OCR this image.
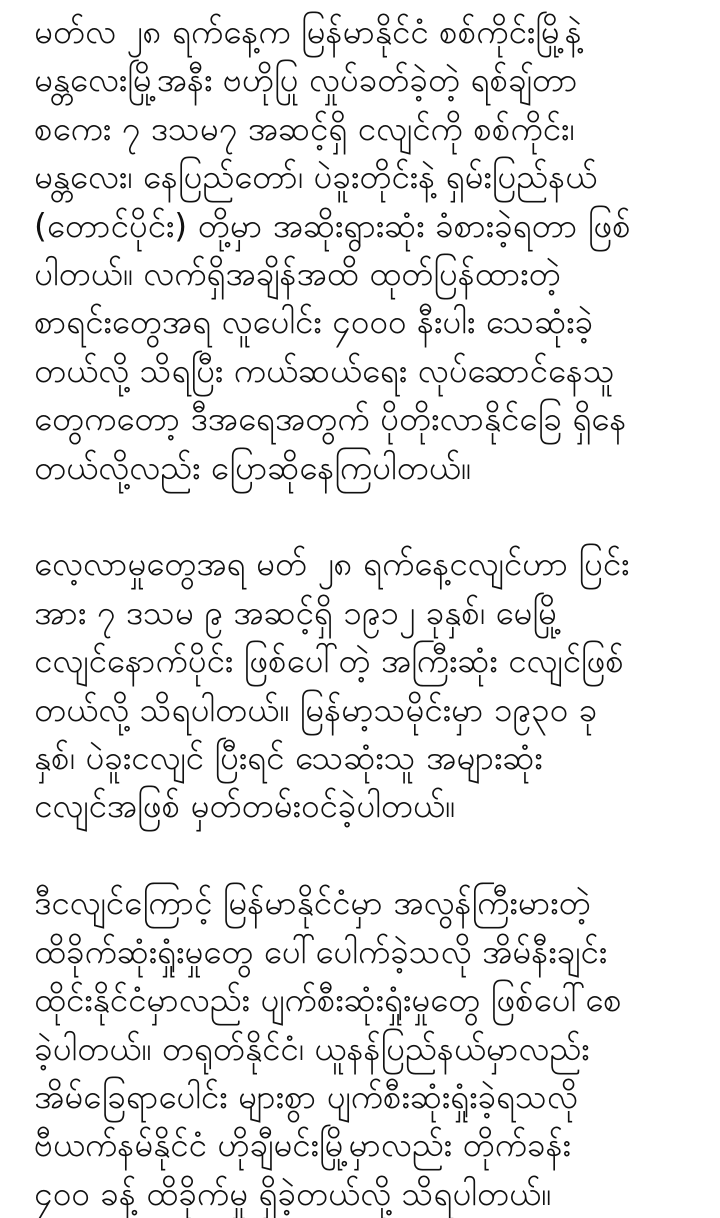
မတ်လ ၂၈ ရက်နေ့က မြန်မာနိုင်ငံ စစ်ကိုင်းမြို့နဲ့
မန္တလေးမြို့အနီး ဗဟိုပြု လှုပ်ခတ်ခဲ့တဲ့ ရစ်ချ်တာ
စကေး ၇ ဒသမ၇ အဆင့်ရှိ ငလျင်ကို စစ်ကိုင်း၊
မန္တလေး၊ နေပြည်တော်၊ ပဲခူးတိုင်းနဲ့ ရှမ်းပြည်နယ်
(တောင်ပိုင်း) တို့မှာ အဆိုးရွားဆုံး ခံစားခဲ့ရတာ ဖြစ်
ပါတယ်။ လက်ရှိအချိန်အထိ ထုတ်ပြန်ထားတဲ့
စာရင်းတွေအရ လူပေါင်း ၄၀၀၀ နီးပါး သေဆုံးခဲ့
တယ်လို့ သိရပြီး ကယ်ဆယ်ရေး လုပ်ဆောင်နေသူ
တွေကတော့ ဒီအရေအတွက် ပိုတိုးလာနိုင်ခြေ ရှိနေ
တယ်လို့လည်း ပြောဆိုနေကြပါတယ်။
လေ့လာမှုတွေအရ မတ် ၂၈ ရက်နေ့ငလျင်ဟာ ပြင်း
အား ၇ ဒသမ ၉ အဆင့်ရှိ ၁၉၁၂ ခုနှစ်၊ မေမြို့
ငလျင်နောက်ပိုင်း ဖြစ်ပေါ်တဲ့ အကြီးဆုံး ငလျင်ဖြစ်
တယ်လို့ သိရပါတယ်။ မြန်မာ့သမိုင်းမှာ ၁၉၃၀ ခု
နှစ်၊ ပဲခူးငလျင် ပြီးရင် သေဆုံးသူ အများဆုံး
ငလျင်အဖြစ် မှတ်တမ်းဝင်ခဲ့ပါတယ်။
ဒီငလျင်ကြောင့် မြန်မာနိုင်ငံမှာ အလွန်ကြီးမားတဲ့
ထိခိုက်ဆုံးရှုံးမှုတွေ ပေါ်ပေါက်ခဲ့သလို အိမ်နီးချင်း
ထိုင်းနိုင်ငံမှာလည်း ပျက်စီးဆုံးရှုံးမှုတွေ ဖြစ်ပေါ်စေ
ခဲ့ပါတယ်။ တရုတ်နိုင်ငံ၊ ယူနန်ပြည်နယ်မှာလည်း
အိမ်ခြေရာပေါင်း များစွာ ပျက်စီးဆုံးရှုံးခဲ့ရသလို
ဗီယက်နမ်နိုင်ငံ ဟိုချီမင်းမြို့မှာလည်း တိုက်ခန်း
၄၀၀ ခန့် ထိခိုက်မှု ရှိခဲ့တယ်လို့ သိရပါတယ်။
